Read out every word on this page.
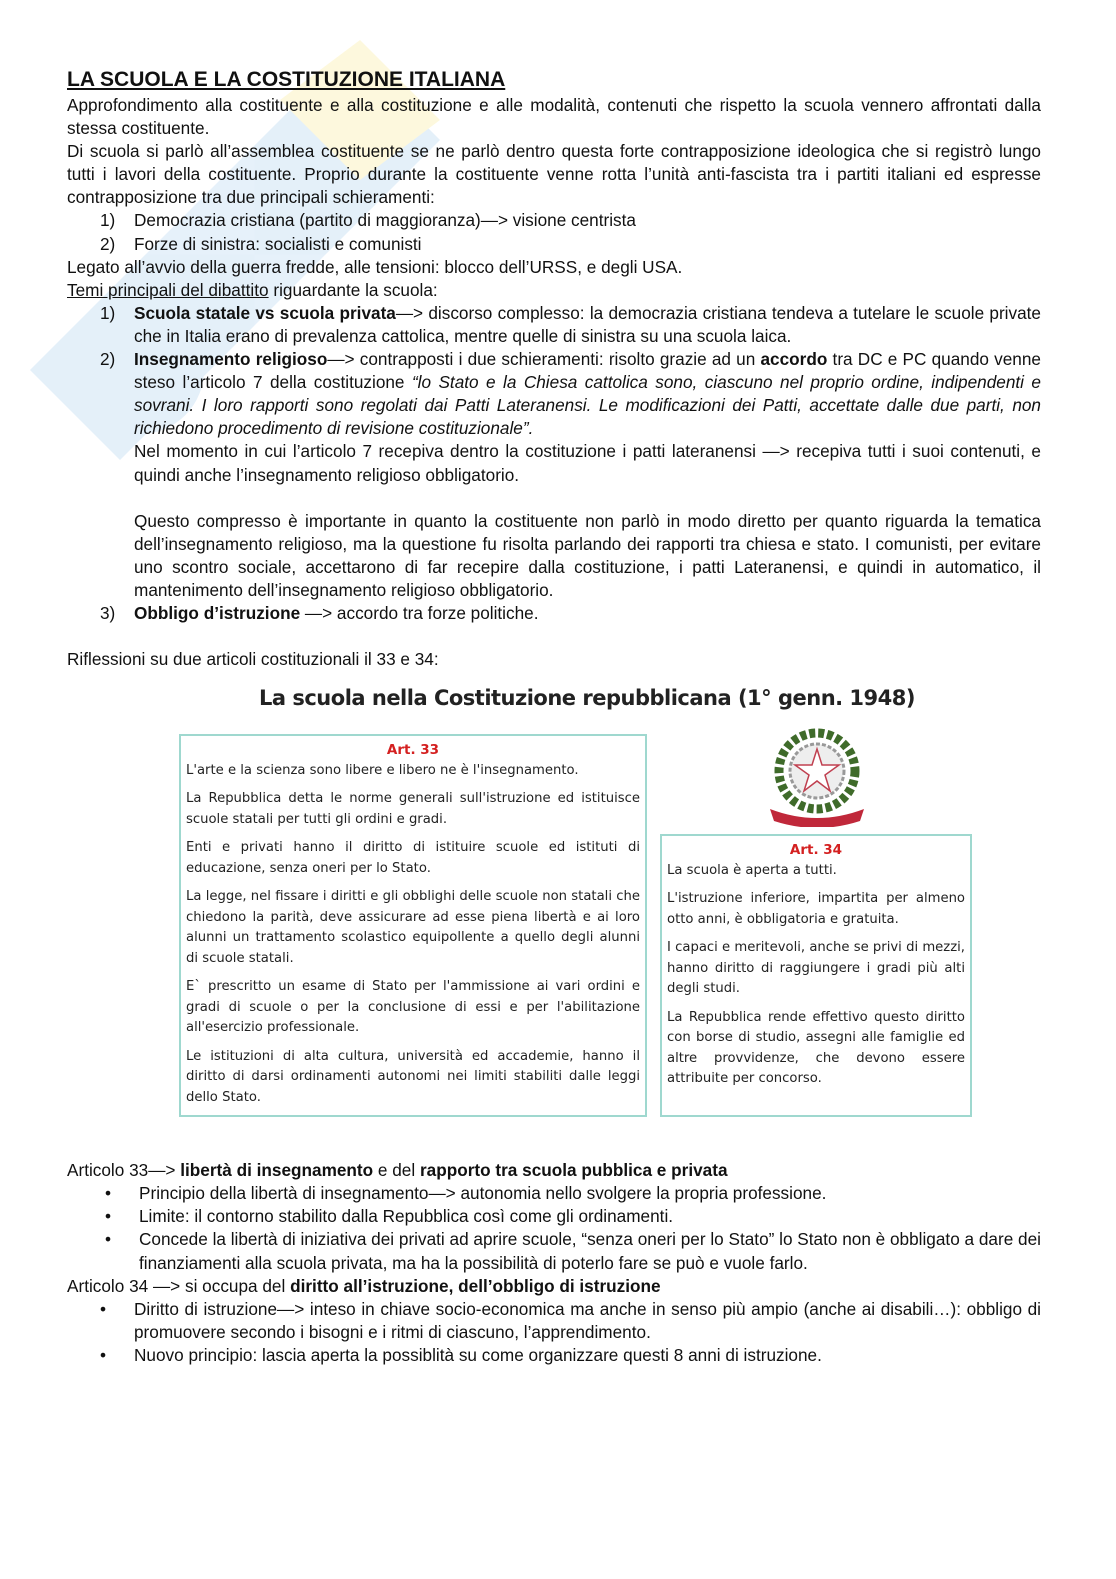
LA SCUOLA E LA COSTITUZIONE ITALIANA

Approfondimento alla costituente e alla costituzione e alle modalità, contenuti che rispetto la scuola vennero affrontati dalla stessa costituente.

Di scuola si parlò all’assemblea costituente se ne parlò dentro questa forte contrapposizione ideologica che si registrò lungo tutti i lavori della costituente. Proprio durante la costituente venne rotta l’unità anti-fascista tra i partiti italiani ed espresse contrapposizione tra due principali schieramenti:

1) Democrazia cristiana (partito di maggioranza)—> visione centrista
2) Forze di sinistra: socialisti e comunisti

Legato all’avvio della guerra fredde, alle tensioni: blocco dell’URSS, e degli USA.

Temi principali del dibattito riguardante la scuola:

1) Scuola statale vs scuola privata—> discorso complesso: la democrazia cristiana tendeva a tutelare le scuole private che in Italia erano di prevalenza cattolica, mentre quelle di sinistra su una scuola laica.
2) Insegnamento religioso—> contrapposti i due schieramenti: risolto grazie ad un accordo tra DC e PC quando venne steso l’articolo 7 della costituzione “lo Stato e la Chiesa cattolica sono, ciascuno nel proprio ordine, indipendenti e sovrani. I loro rapporti sono regolati dai Patti Lateranensi. Le modificazioni dei Patti, accettate dalle due parti, non richiedono procedimento di revisione costituzionale”.

Nel momento in cui l’articolo 7 recepiva dentro la costituzione i patti lateranensi —> recepiva tutti i suoi contenuti, e quindi anche l’insegnamento religioso obbligatorio.

Questo compresso è importante in quanto la costituente non parlò in modo diretto per quanto riguarda la tematica dell’insegnamento religioso, ma la questione fu risolta parlando dei rapporti tra chiesa e stato. I comunisti, per evitare uno scontro sociale, accettarono di far recepire dalla costituzione, i patti Lateranensi, e quindi in automatico, il mantenimento dell’insegnamento religioso obbligatorio.

3) Obbligo d’istruzione —> accordo tra forze politiche.

Riflessioni su due articoli costituzionali il 33 e 34:

La scuola nella Costituzione repubblicana (1° genn. 1948)
Art. 33

L'arte e la scienza sono libere e libero ne è l'insegnamento.

La Repubblica detta le norme generali sull'istruzione ed istituisce scuole statali per tutti gli ordini e gradi.

Enti e privati hanno il diritto di istituire scuole ed istituti di educazione, senza oneri per lo Stato.

La legge, nel fissare i diritti e gli obblighi delle scuole non statali che chiedono la parità, deve assicurare ad esse piena libertà e ai loro alunni un trattamento scolastico equipollente a quello degli alunni di scuole statali.

E` prescritto un esame di Stato per l'ammissione ai vari ordini e gradi di scuole o per la conclusione di essi e per l'abilitazione all'esercizio professionale.

Le istituzioni di alta cultura, università ed accademie, hanno il diritto di darsi ordinamenti autonomi nei limiti stabiliti dalle leggi dello Stato.

Art. 34

La scuola è aperta a tutti.

L'istruzione inferiore, impartita per almeno otto anni, è obbligatoria e gratuita.

I capaci e meritevoli, anche se privi di mezzi, hanno diritto di raggiungere i gradi più alti degli studi.

La Repubblica rende effettivo questo diritto con borse di studio, assegni alle famiglie ed altre provvidenze, che devono essere attribuite per concorso.

Articolo 33—> libertà di insegnamento e del rapporto tra scuola pubblica e privata

• Principio della libertà di insegnamento—> autonomia nello svolgere la propria professione.
• Limite: il contorno stabilito dalla Repubblica così come gli ordinamenti.
• Concede la libertà di iniziativa dei privati ad aprire scuole, “senza oneri per lo Stato” lo Stato non è obbligato a dare dei finanziamenti alla scuola privata, ma ha la possibilità di poterlo fare se può e vuole farlo.

Articolo 34 —> si occupa del diritto all’istruzione, dell’obbligo di istruzione

• Diritto di istruzione—> inteso in chiave socio-economica ma anche in senso più ampio (anche ai disabili…): obbligo di promuovere secondo i bisogni e i ritmi di ciascuno, l’apprendimento.
• Nuovo principio: lascia aperta la possiblità su come organizzare questi 8 anni di istruzione.
